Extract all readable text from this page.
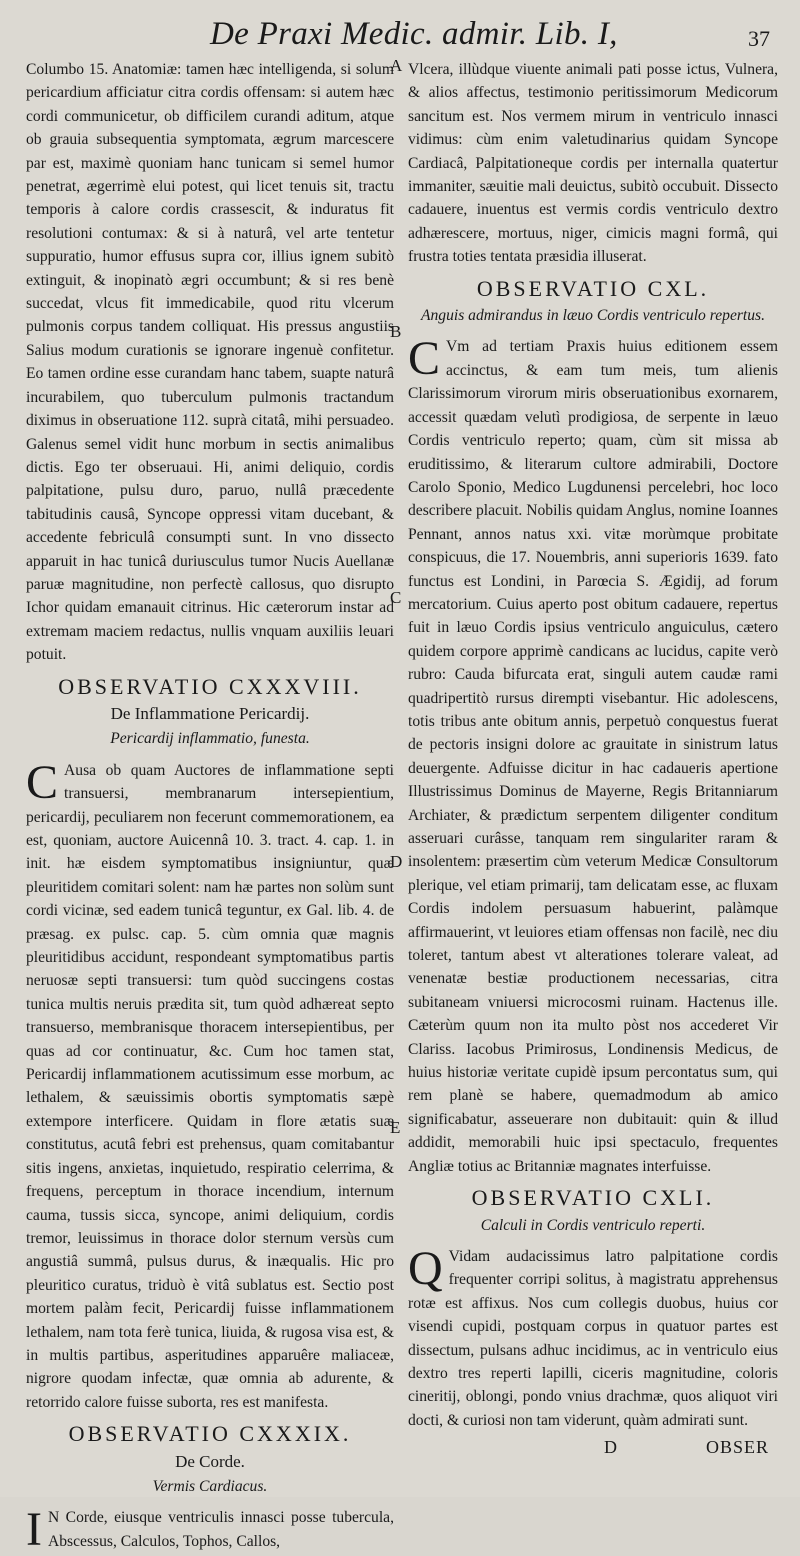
De Praxi Medic. admir. Lib. I,	37

Columbo 15. Anatomiæ: tamen hæc intelligenda, si solum pericardium afficiatur citra cordis offensam: si autem hæc cordi communicetur, ob difficilem curandi aditum, atque ob grauia subsequentia symptomata, ægrum marcescere par est, maximè quoniam hanc tunicam si semel humor penetrat, ægerrimè elui potest, qui licet tenuis sit, tractu temporis à calore cordis crassescit, & induratus fit resolutioni contumax: & si à naturâ, vel arte tentetur suppuratio, humor effusus supra cor, illius ignem subitò extinguit, & inopinatò ægri occumbunt; & si res benè succedat, vlcus fit immedicabile, quod ritu vlcerum pulmonis corpus tandem colliquat. His pressus angustiis Salius modum curationis se ignorare ingenuè confitetur. Eo tamen ordine esse curandam hanc tabem, suapte naturâ incurabilem, quo tuberculum pulmonis tractandum diximus in obseruatione 112. suprà citatâ, mihi persuadeo. Galenus semel vidit hunc morbum in sectis animalibus dictis. Ego ter obseruaui. Hi, animi deliquio, cordis palpitatione, pulsu duro, paruo, nullâ præcedente tabitudinis causâ, Syncope oppressi vitam ducebant, & accedente febriculâ consumpti sunt. In vno dissecto apparuit in hac tunicâ duriusculus tumor Nucis Auellanæ paruæ magnitudine, non perfectè callosus, quo disrupto Ichor quidam emanauit citrinus. Hic cæterorum instar ad extremam maciem redactus, nullis vnquam auxiliis leuari potuit.

OBSERVATIO CXXXVIII.
De Inflammatione Pericardij.
Pericardij inflammatio, funesta.

C Ausa ob quam Auctores de inflammatione septi transuersi, membranarum intersepientium, pericardij, peculiarem non fecerunt commemorationem, ea est, quoniam, auctore Auicennâ 10. 3. tract. 4. cap. 1. in init. hæ eisdem symptomatibus insigniuntur, quæ pleuritidem comitari solent: nam hæ partes non solùm sunt cordi vicinæ, sed eadem tunicâ teguntur, ex Gal. lib. 4. de præsag. ex pulsc. cap. 5. cùm omnia quæ magnis pleuritidibus accidunt, respondeant symptomatibus partis neruosæ septi transuersi: tum quòd succingens costas tunica multis neruis prædita sit, tum quòd adhæreat septo transuerso, membranisque thoracem intersepientibus, per quas ad cor continuatur, &c. Cum hoc tamen stat, Pericardij inflammationem acutissimum esse morbum, ac lethalem, & sæuissimis obortis symptomatis sæpè extempore interficere. Quidam in flore ætatis suæ constitutus, acutâ febri est prehensus, quam comitabantur sitis ingens, anxietas, inquietudo, respiratio celerrima, & frequens, perceptum in thorace incendium, internum cauma, tussis sicca, syncope, animi deliquium, cordis tremor, leuissimus in thorace dolor sternum versùs cum angustiâ summâ, pulsus durus, & inæqualis. Hic pro pleuritico curatus, triduò è vitâ sublatus est. Sectio post mortem palàm fecit, Pericardij fuisse inflammationem lethalem, nam tota ferè tunica, liuida, & rugosa visa est, & in multis partibus, asperitudines apparuêre maliaceæ, nigrore quodam infectæ, quæ omnia ab adurente, & retorrido calore fuisse suborta, res est manifesta.

OBSERVATIO CXXXIX.
De Corde.
Vermis Cardiacus.

I N Corde, eiusque ventriculis innasci posse tubercula, Abscessus, Calculos, Tophos, Callos,

A
B
C
D
E

Vlcera, illùdque viuente animali pati posse ictus, Vulnera, & alios affectus, testimonio peritissimorum Medicorum sancitum est. Nos vermem mirum in ventriculo innasci vidimus: cùm enim valetudinarius quidam Syncope Cardiacâ, Palpitationeque cordis per internalla quatertur immaniter, sæuitie mali deuictus, subitò occubuit. Dissecto cadauere, inuentus est vermis cordis ventriculo dextro adhærescere, mortuus, niger, cimicis magni formâ, qui frustra toties tentata præsidia illuserat.

OBSERVATIO CXL.
Anguis admirandus in læuo Cordis ventriculo repertus.

C Vm ad tertiam Praxis huius editionem essem accinctus, & eam tum meis, tum alienis Clarissimorum virorum miris obseruationibus exornarem, accessit quædam velutì prodigiosa, de serpente in læuo Cordis ventriculo reperto; quam, cùm sit missa ab eruditissimo, & literarum cultore admirabili, Doctore Carolo Sponio, Medico Lugdunensi percelebri, hoc loco describere placuit. Nobilis quidam Anglus, nomine Ioannes Pennant, annos natus xxi. vitæ morùmque probitate conspicuus, die 17. Nouembris, anni superioris 1639. fato functus est Londini, in Parœcia S. Ægidij, ad forum mercatorium. Cuius aperto post obitum cadauere, repertus fuit in læuo Cordis ipsius ventriculo anguiculus, cætero quidem corpore apprimè candicans ac lucidus, capite verò rubro: Cauda bifurcata erat, singuli autem caudæ rami quadripertitò rursus dirempti visebantur. Hic adolescens, totis tribus ante obitum annis, perpetuò conquestus fuerat de pectoris insigni dolore ac grauitate in sinistrum latus deuergente. Adfuisse dicitur in hac cadaueris apertione Illustrissimus Dominus de Mayerne, Regis Britanniarum Archiater, & prædictum serpentem diligenter conditum asseruari curâsse, tanquam rem singulariter raram & insolentem: præsertim cùm veterum Medicæ Consultorum plerique, vel etiam primarij, tam delicatam esse, ac fluxam Cordis indolem persuasum habuerint, palàmque affirmauerint, vt leuiores etiam offensas non facilè, nec diu toleret, tantum abest vt alterationes tolerare valeat, ad venenatæ bestiæ productionem necessarias, citra subitaneam vniuersi microcosmi ruinam. Hactenus ille. Cæterùm quum non ita multo pòst nos accederet Vir Clariss. Iacobus Primirosus, Londinensis Medicus, de huius historiæ veritate cupidè ipsum percontatus sum, qui rem planè se habere, quemadmodum ab amico significabatur, asseuerare non dubitauit: quin & illud addidit, memorabili huic ipsi spectaculo, frequentes Angliæ totius ac Britanniæ magnates interfuisse.

OBSERVATIO CXLI.
Calculi in Cordis ventriculo reperti.

Q Vidam audacissimus latro palpitatione cordis frequenter corripi solitus, à magistratu apprehensus rotæ est affixus. Nos cum collegis duobus, huius cor visendi cupidi, postquam corpus in quatuor partes est dissectum, pulsans adhuc incidimus, ac in ventriculo eius dextro tres reperti lapilli, ciceris magnitudine, coloris cineritij, oblongi, pondo vnius drachmæ, quos aliquot viri docti, & curiosi non tam viderunt, quàm admirati sunt.

D	OBSER
